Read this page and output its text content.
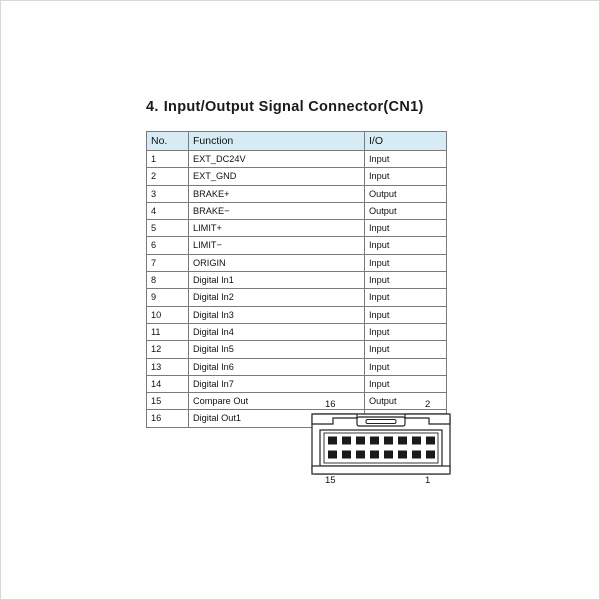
4. Input/Output Signal Connector(CN1)
No.	Function	I/O
1	EXT_DC24V	Input
2	EXT_GND	Input
3	BRAKE+	Output
4	BRAKE−	Output
5	LIMIT+	Input
6	LIMIT−	Input
7	ORIGIN	Input
8	Digital In1	Input
9	Digital In2	Input
10	Digital In3	Input
11	Digital In4	Input
12	Digital In5	Input
13	Digital In6	Input
14	Digital In7	Input
15	Compare Out	Output
16	Digital Out1	
16	2
15	1
